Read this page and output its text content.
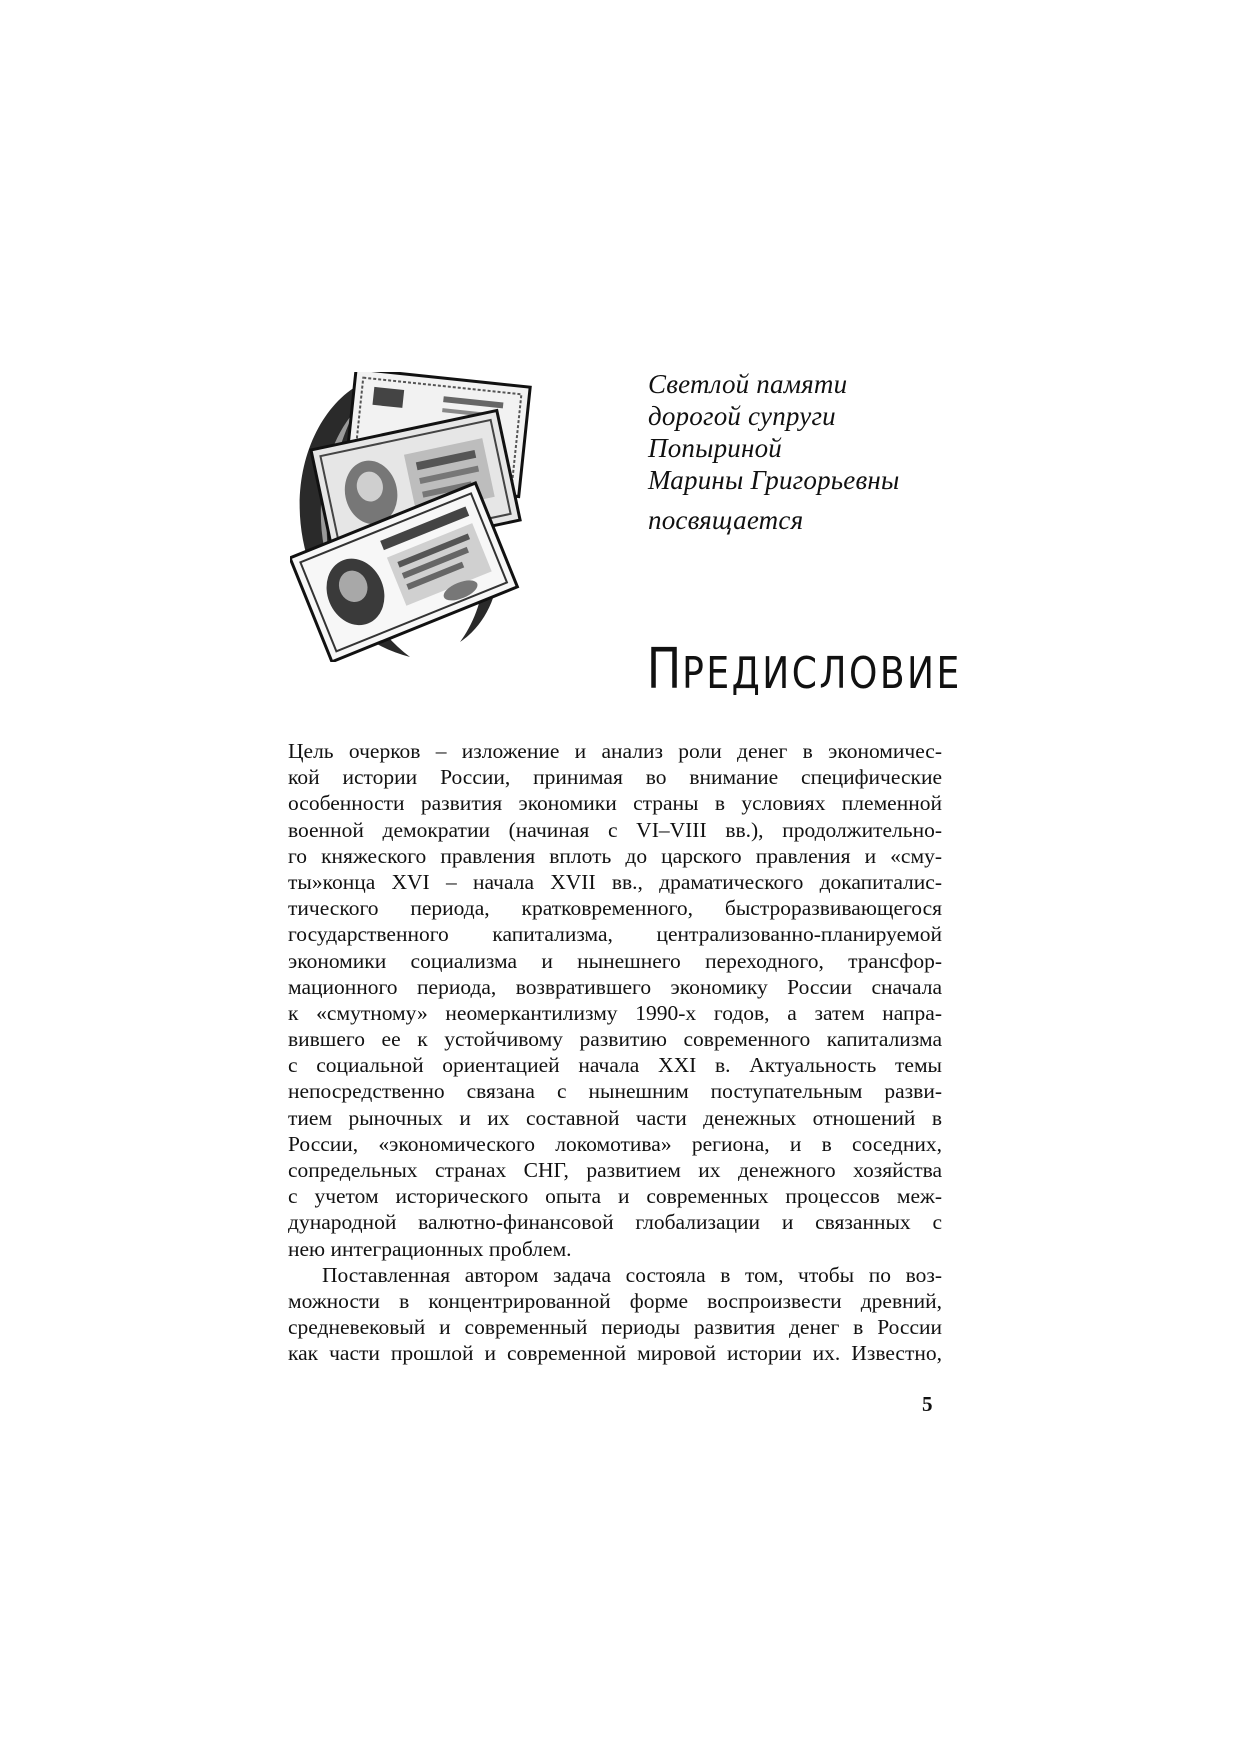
Светлой памяти
дорогой супруги
Попыриной
Марины Григорьевны
посвящается
ПРЕДИСЛОВИЕ
Цель очерков – изложение и анализ роли денег в экономичес-
кой истории России, принимая во внимание специфические
особенности развития экономики страны в условиях племенной
военной демократии (начиная с VI–VIII вв.), продолжительно-
го княжеского правления вплоть до царского правления и «сму-
ты»конца XVI – начала XVII вв., драматического докапиталис-
тического периода, кратковременного, быстроразвивающегося
государственного капитализма, централизованно-планируемой
экономики социализма и нынешнего переходного, трансфор-
мационного периода, возвратившего экономику России сначала
к «смутному» неомеркантилизму 1990-х годов, а затем напра-
вившего ее к устойчивому развитию современного капитализма
с социальной ориентацией начала XXI в. Актуальность темы
непосредственно связана с нынешним поступательным разви-
тием рыночных и их составной части денежных отношений в
России, «экономического локомотива» региона, и в соседних,
сопредельных странах СНГ, развитием их денежного хозяйства
с учетом исторического опыта и современных процессов меж-
дународной валютно-финансовой глобализации и связанных с
нею интеграционных проблем.
Поставленная автором задача состояла в том, чтобы по воз-
можности в концентрированной форме воспроизвести древний,
средневековый и современный периоды развития денег в России
как части прошлой и современной мировой истории их. Известно,
5
